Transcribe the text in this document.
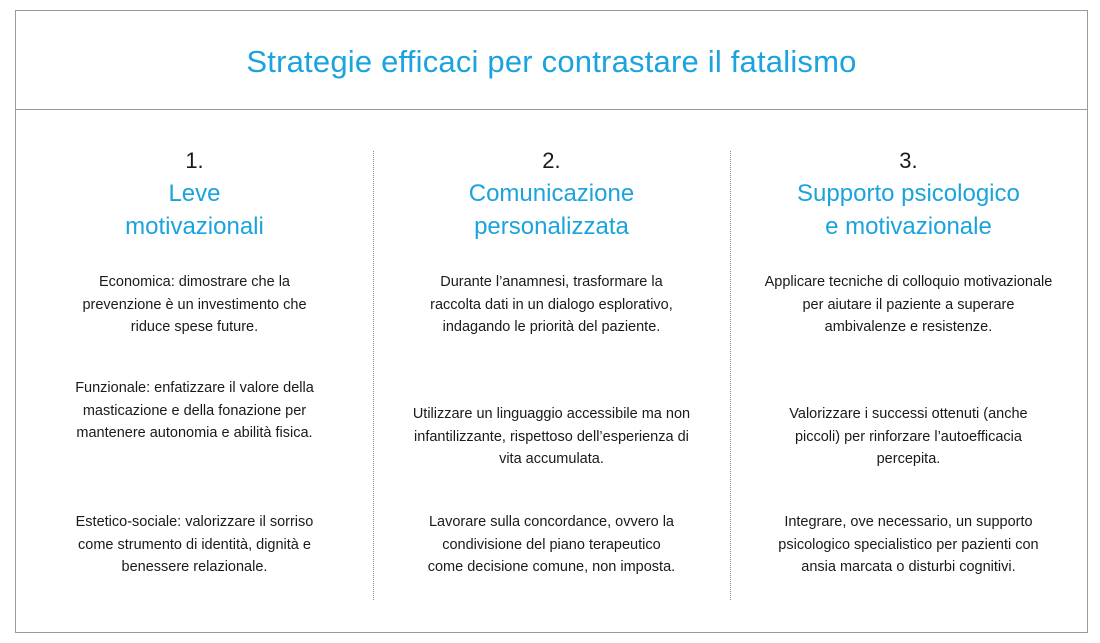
Strategie efficaci per contrastare il fatalismo
1.
Leve
motivazionali

Economica: dimostrare che la prevenzione è un investimento che riduce spese future.

Funzionale: enfatizzare il valore della masticazione e della fonazione per mantenere autonomia e abilità fisica.

Estetico-sociale: valorizzare il sorriso come strumento di identità, dignità e benessere relazionale.

2.
Comunicazione
personalizzata

Durante l’anamnesi, trasformare la raccolta dati in un dialogo esplorativo, indagando le priorità del paziente.

Utilizzare un linguaggio accessibile ma non infantilizzante, rispettoso dell’esperienza di vita accumulata.

Lavorare sulla concordance, ovvero la condivisione del piano terapeutico come decisione comune, non imposta.

3.
Supporto psicologico
e motivazionale

Applicare tecniche di colloquio motivazionale per aiutare il paziente a superare ambivalenze e resistenze.

Valorizzare i successi ottenuti (anche piccoli) per rinforzare l’autoefficacia percepita.

Integrare, ove necessario, un supporto psicologico specialistico per pazienti con ansia marcata o disturbi cognitivi.
